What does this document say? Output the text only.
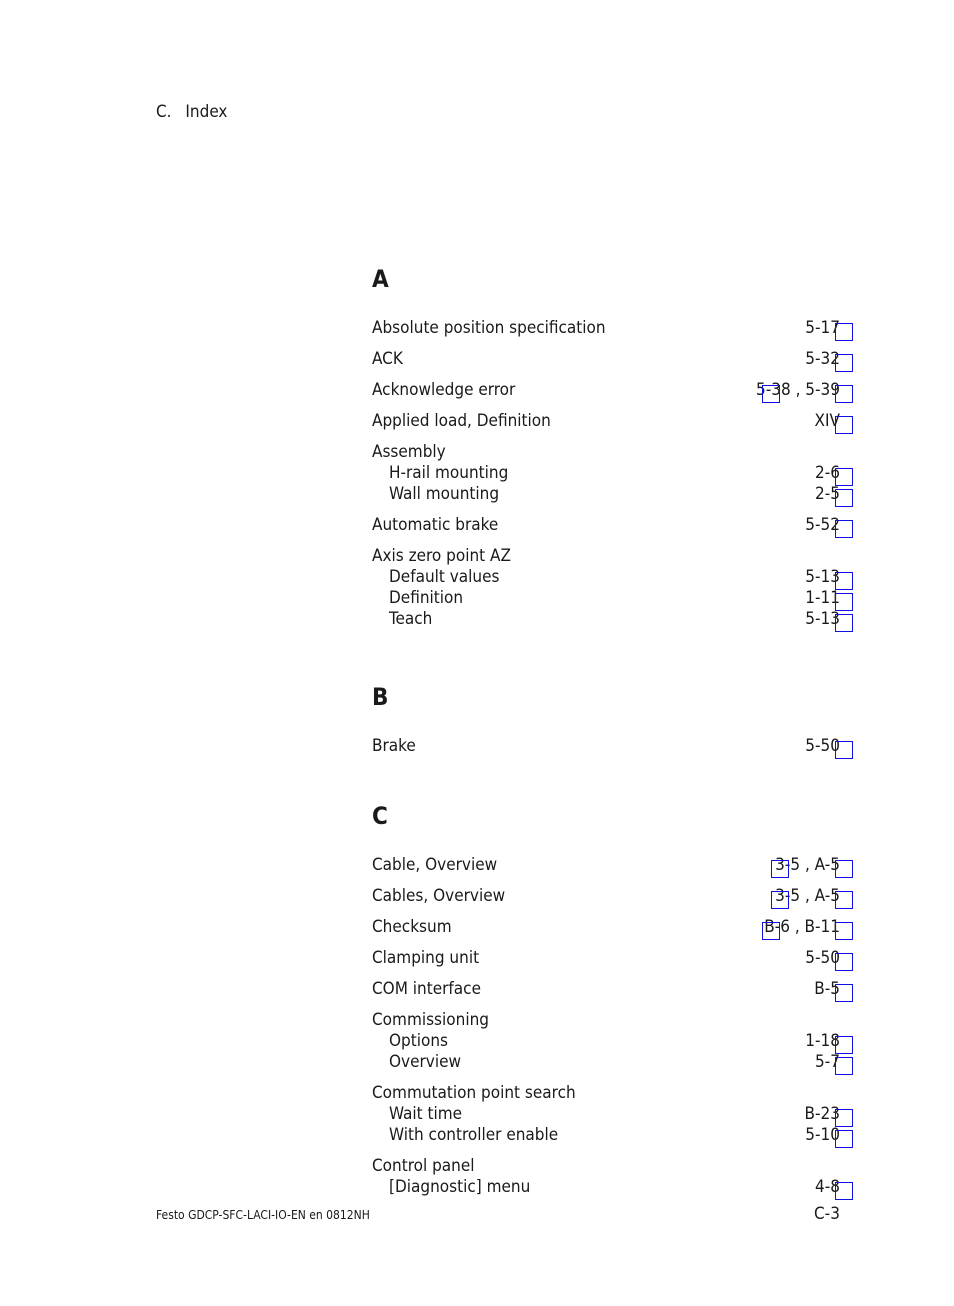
C. Index
A
Absolute position specification	5-17
ACK	5-32
Acknowledge error	5-38 , 5-39
Applied load, Definition	XIV
Assembly
H-rail mounting	2-6
Wall mounting	2-5
Automatic brake	5-52
Axis zero point AZ
Default values	5-13
Definition	1-11
Teach	5-13
B
Brake	5-50
C
Cable, Overview	3-5 , A-5
Cables, Overview	3-5 , A-5
Checksum	B-6 , B-11
Clamping unit	5-50
COM interface	B-5
Commissioning
Options	1-18
Overview	5-7
Commutation point search
Wait time	B-23
With controller enable	5-10
Control panel
[Diagnostic] menu	4-8
Festo GDCP-SFC-LACI-IO-EN en 0812NH	C-3
